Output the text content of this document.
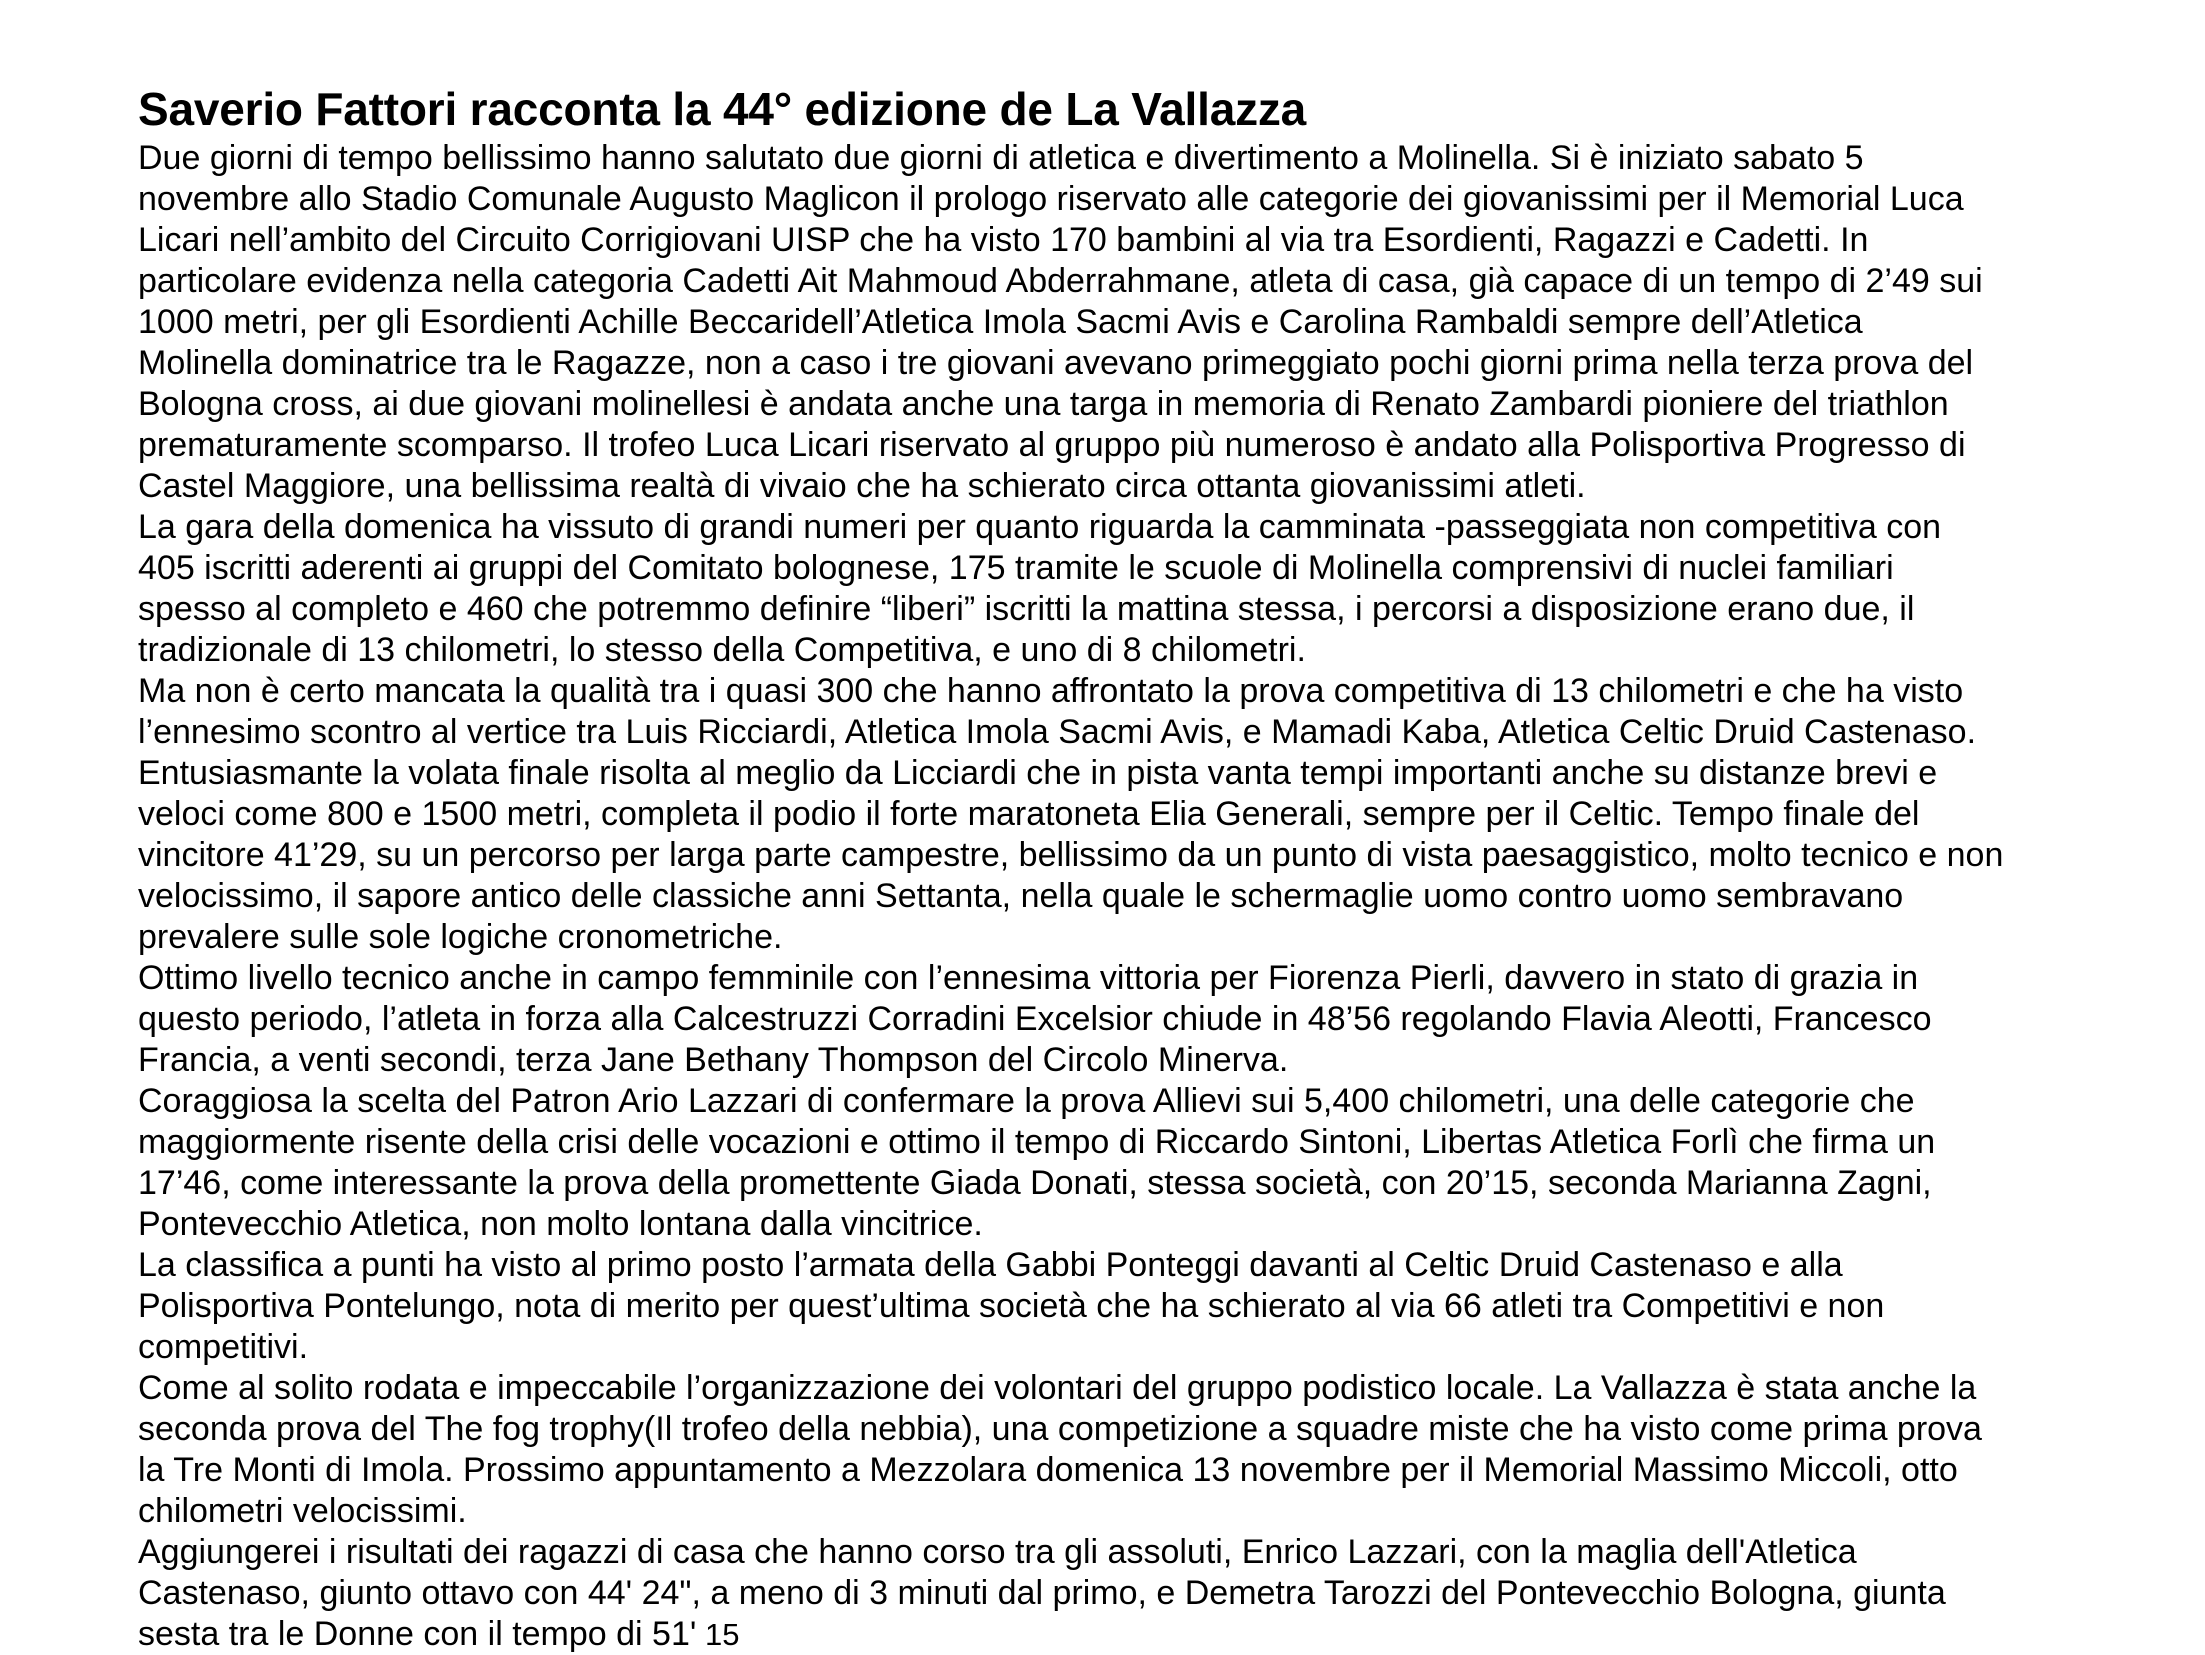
Saverio Fattori racconta la 44° edizione de La Vallazza

Due giorni di tempo bellissimo hanno salutato due giorni di atletica e divertimento a Molinella. Si è iniziato sabato 5
novembre allo Stadio Comunale Augusto Maglicon il prologo riservato alle categorie dei giovanissimi per il Memorial Luca
Licari nell’ambito del Circuito Corrigiovani UISP che ha visto 170 bambini al via tra Esordienti, Ragazzi e Cadetti. In
particolare evidenza nella categoria Cadetti Ait Mahmoud Abderrahmane, atleta di casa, già capace di un tempo di 2’49 sui
1000 metri, per gli Esordienti Achille Beccaridell’Atletica Imola Sacmi Avis e Carolina Rambaldi sempre dell’Atletica
Molinella dominatrice tra le Ragazze, non a caso i tre giovani avevano primeggiato pochi giorni prima nella terza prova del
Bologna cross, ai due giovani molinellesi è andata anche una targa in memoria di Renato Zambardi pioniere del triathlon
prematuramente scomparso. Il trofeo Luca Licari riservato al gruppo più numeroso è andato alla Polisportiva Progresso di
Castel Maggiore, una bellissima realtà di vivaio che ha schierato circa ottanta giovanissimi atleti.

La gara della domenica ha vissuto di grandi numeri per quanto riguarda la camminata -passeggiata non competitiva con
405 iscritti aderenti ai gruppi del Comitato bolognese, 175 tramite le scuole di Molinella comprensivi di nuclei familiari
spesso al completo e 460 che potremmo definire “liberi” iscritti la mattina stessa, i percorsi a disposizione erano due, il
tradizionale di 13 chilometri, lo stesso della Competitiva, e uno di 8 chilometri.

Ma non è certo mancata la qualità tra i quasi 300 che hanno affrontato la prova competitiva di 13 chilometri e che ha visto
l’ennesimo scontro al vertice tra Luis Ricciardi, Atletica Imola Sacmi Avis, e Mamadi Kaba, Atletica Celtic Druid Castenaso.
Entusiasmante la volata finale risolta al meglio da Licciardi che in pista vanta tempi importanti anche su distanze brevi e
veloci come 800 e 1500 metri, completa il podio il forte maratoneta Elia Generali, sempre per il Celtic. Tempo finale del
vincitore 41’29, su un percorso per larga parte campestre, bellissimo da un punto di vista paesaggistico, molto tecnico e non
velocissimo, il sapore antico delle classiche anni Settanta, nella quale le schermaglie uomo contro uomo sembravano
prevalere sulle sole logiche cronometriche.

Ottimo livello tecnico anche in campo femminile con l’ennesima vittoria per Fiorenza Pierli, davvero in stato di grazia in
questo periodo, l’atleta in forza alla Calcestruzzi Corradini Excelsior chiude in 48’56 regolando Flavia Aleotti, Francesco
Francia, a venti secondi, terza Jane Bethany Thompson del Circolo Minerva.

Coraggiosa la scelta del Patron Ario Lazzari di confermare la prova Allievi sui 5,400 chilometri, una delle categorie che
maggiormente risente della crisi delle vocazioni e ottimo il tempo di Riccardo Sintoni, Libertas Atletica Forlì che firma un
17’46, come interessante la prova della promettente Giada Donati, stessa società, con 20’15, seconda Marianna Zagni,
Pontevecchio Atletica, non molto lontana dalla vincitrice.

La classifica a punti ha visto al primo posto l’armata della Gabbi Ponteggi davanti al Celtic Druid Castenaso e alla
Polisportiva Pontelungo, nota di merito per quest’ultima società che ha schierato al via 66 atleti tra Competitivi e non
competitivi.

Come al solito rodata e impeccabile l’organizzazione dei volontari del gruppo podistico locale. La Vallazza è stata anche la
seconda prova del The fog trophy(Il trofeo della nebbia), una competizione a squadre miste che ha visto come prima prova
la Tre Monti di Imola. Prossimo appuntamento a Mezzolara domenica 13 novembre per il Memorial Massimo Miccoli, otto
chilometri velocissimi.

Aggiungerei i risultati dei ragazzi di casa che hanno corso tra gli assoluti, Enrico Lazzari, con la maglia dell'Atletica
Castenaso, giunto ottavo con 44' 24", a meno di 3 minuti dal primo, e Demetra Tarozzi del Pontevecchio Bologna, giunta
sesta tra le Donne con il tempo di 51' 15
